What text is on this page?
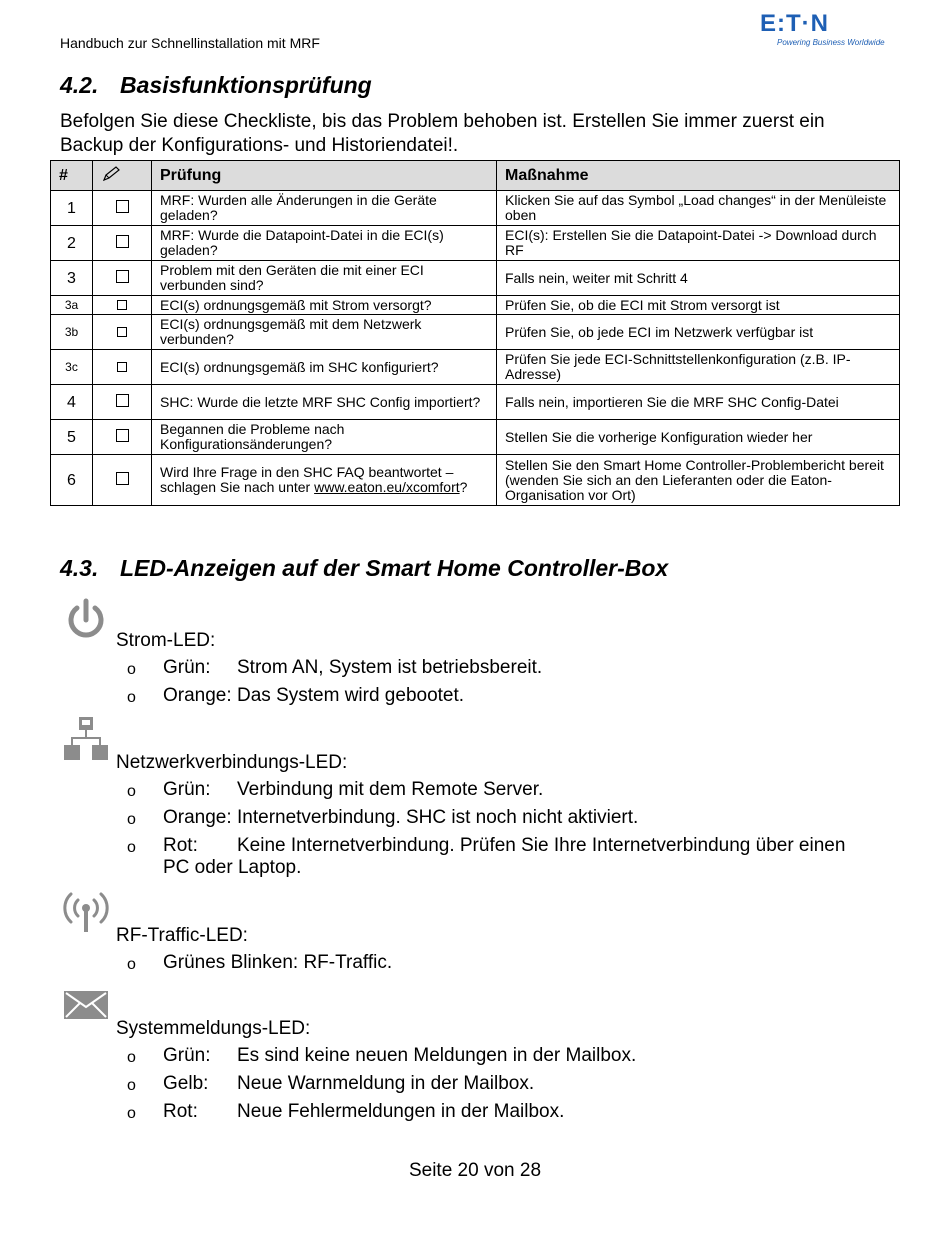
Handbuch zur Schnellinstallation mit MRF
E:T·N
Powering Business Worldwide
4.2. Basisfunktionsprüfung
Befolgen Sie diese Checkliste, bis das Problem behoben ist. Erstellen Sie immer zuerst ein Backup der Konfigurations- und Historiendatei!.
#		Prüfung	Maßnahme
1		MRF: Wurden alle Änderungen in die Geräte geladen?	Klicken Sie auf das Symbol „Load changes“ in der Menüleiste oben
2		MRF: Wurde die Datapoint-Datei in die ECI(s) geladen?	ECI(s): Erstellen Sie die Datapoint-Datei -> Download durch RF
3		Problem mit den Geräten die mit einer ECI verbunden sind?	Falls nein, weiter mit Schritt 4
3a		ECI(s) ordnungsgemäß mit Strom versorgt?	Prüfen Sie, ob die ECI mit Strom versorgt ist
3b		ECI(s) ordnungsgemäß mit dem Netzwerk verbunden?	Prüfen Sie, ob jede ECI im Netzwerk verfügbar ist
3c		ECI(s) ordnungsgemäß im SHC konfiguriert?	Prüfen Sie jede ECI-Schnittstellenkonfiguration (z.B. IP-Adresse)
4		SHC: Wurde die letzte MRF SHC Config importiert?	Falls nein, importieren Sie die MRF SHC Config-Datei
5		Begannen die Probleme nach Konfigurationsänderungen?	Stellen Sie die vorherige Konfiguration wieder her
6		Wird Ihre Frage in den SHC FAQ beantwortet – schlagen Sie nach unter www.eaton.eu/xcomfort?	Stellen Sie den Smart Home Controller-Problembericht bereit (wenden Sie sich an den Lieferanten oder die Eaton-Organisation vor Ort)
4.3. LED-Anzeigen auf der Smart Home Controller-Box
Strom-LED:
o Grün: Strom AN, System ist betriebsbereit.
o Orange: Das System wird gebootet.
Netzwerkverbindungs-LED:
o Grün: Verbindung mit dem Remote Server.
o Orange: Internetverbindung. SHC ist noch nicht aktiviert.
o Rot: Keine Internetverbindung. Prüfen Sie Ihre Internetverbindung über einen
PC oder Laptop.
RF-Traffic-LED:
o Grünes Blinken: RF-Traffic.
Systemmeldungs-LED:
o Grün: Es sind keine neuen Meldungen in der Mailbox.
o Gelb: Neue Warnmeldung in der Mailbox.
o Rot: Neue Fehlermeldungen in der Mailbox.
Seite 20 von 28
